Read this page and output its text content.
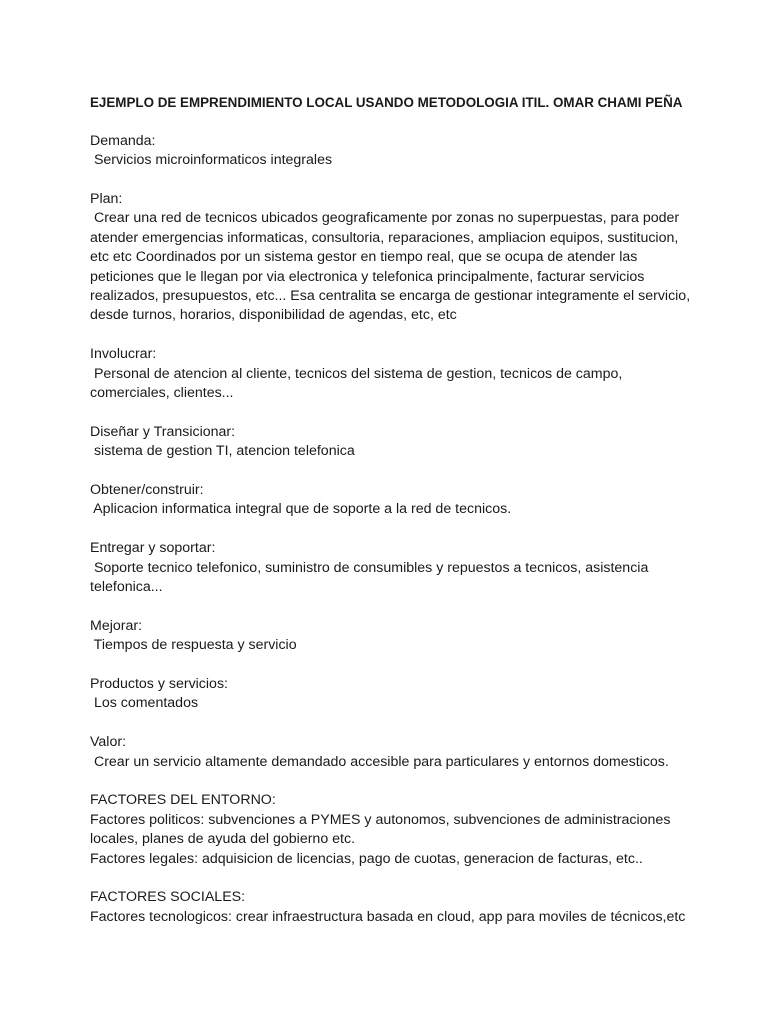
EJEMPLO DE EMPRENDIMIENTO LOCAL USANDO METODOLOGIA ITIL. OMAR CHAMI PEÑA
Demanda:
Servicios microinformaticos integrales
Plan:
Crear una red de tecnicos ubicados geograficamente por zonas no superpuestas, para poder
atender emergencias informaticas, consultoria, reparaciones, ampliacion equipos, sustitucion,
etc etc Coordinados por un sistema gestor en tiempo real, que se ocupa de atender las
peticiones que le llegan por via electronica y telefonica principalmente, facturar servicios
realizados, presupuestos, etc... Esa centralita se encarga de gestionar integramente el servicio,
desde turnos, horarios, disponibilidad de agendas, etc, etc
Involucrar:
Personal de atencion al cliente, tecnicos del sistema de gestion, tecnicos de campo,
comerciales, clientes...
Diseñar y Transicionar:
sistema de gestion TI, atencion telefonica
Obtener/construir:
Aplicacion informatica integral que de soporte a la red de tecnicos.
Entregar y soportar:
Soporte tecnico telefonico, suministro de consumibles y repuestos a tecnicos, asistencia
telefonica...
Mejorar:
Tiempos de respuesta y servicio
Productos y servicios:
Los comentados
Valor:
Crear un servicio altamente demandado accesible para particulares y entornos domesticos.
FACTORES DEL ENTORNO:
Factores politicos: subvenciones a PYMES y autonomos, subvenciones de administraciones
locales, planes de ayuda del gobierno etc.
Factores legales: adquisicion de licencias, pago de cuotas, generacion de facturas, etc..
FACTORES SOCIALES:
Factores tecnologicos: crear infraestructura basada en cloud, app para moviles de técnicos,etc
